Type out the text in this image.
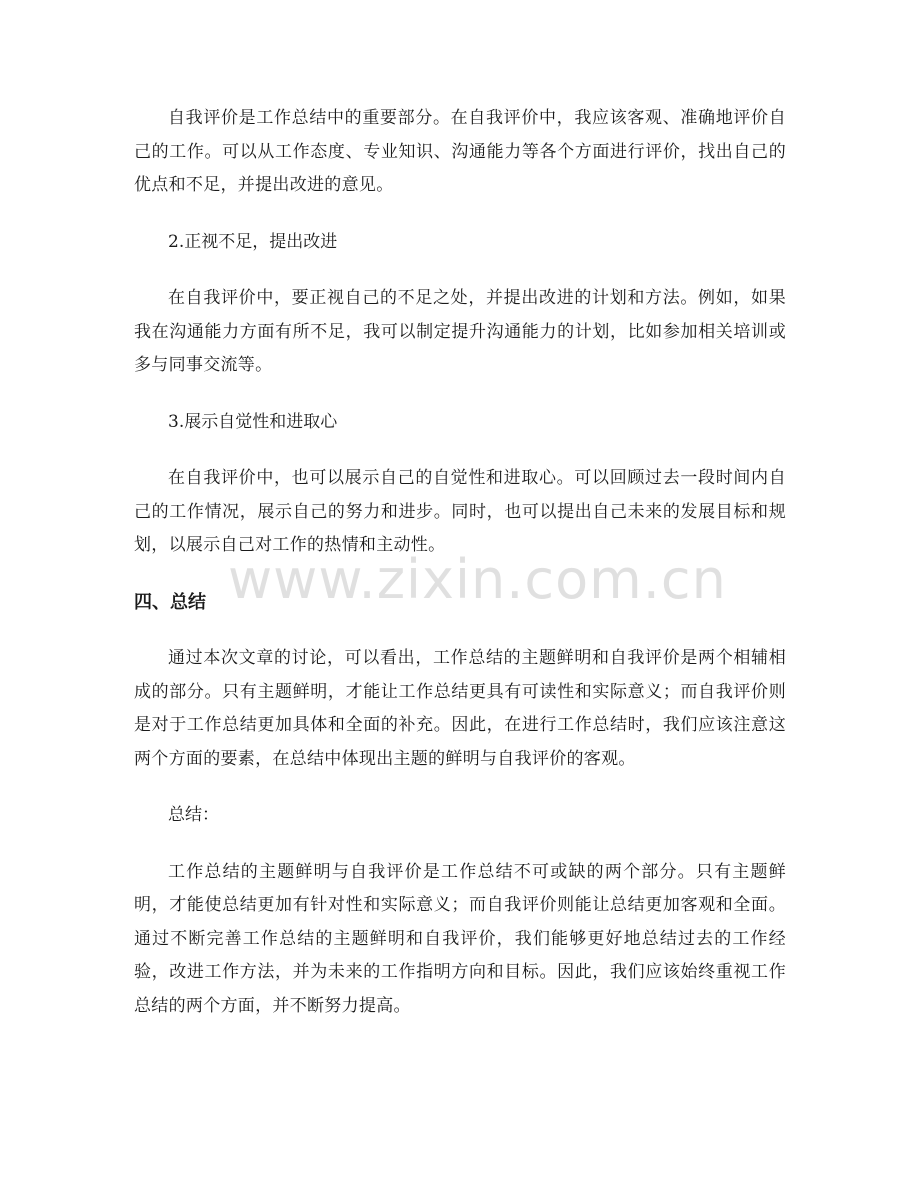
自我评价是工作总结中的重要部分。在自我评价中，我应该客观、准确地评价自己的工作。可以从工作态度、专业知识、沟通能力等各个方面进行评价，找出自己的优点和不足，并提出改进的意见。

2.正视不足，提出改进

在自我评价中，要正视自己的不足之处，并提出改进的计划和方法。例如，如果我在沟通能力方面有所不足，我可以制定提升沟通能力的计划，比如参加相关培训或多与同事交流等。

3.展示自觉性和进取心

在自我评价中，也可以展示自己的自觉性和进取心。可以回顾过去一段时间内自己的工作情况，展示自己的努力和进步。同时，也可以提出自己未来的发展目标和规划，以展示自己对工作的热情和主动性。

四、总结

通过本次文章的讨论，可以看出，工作总结的主题鲜明和自我评价是两个相辅相成的部分。只有主题鲜明，才能让工作总结更具有可读性和实际意义；而自我评价则是对于工作总结更加具体和全面的补充。因此，在进行工作总结时，我们应该注意这两个方面的要素，在总结中体现出主题的鲜明与自我评价的客观。

总结：

工作总结的主题鲜明与自我评价是工作总结不可或缺的两个部分。只有主题鲜明，才能使总结更加有针对性和实际意义；而自我评价则能让总结更加客观和全面。通过不断完善工作总结的主题鲜明和自我评价，我们能够更好地总结过去的工作经验，改进工作方法，并为未来的工作指明方向和目标。因此，我们应该始终重视工作总结的两个方面，并不断努力提高。

www.zixin.com.cn
